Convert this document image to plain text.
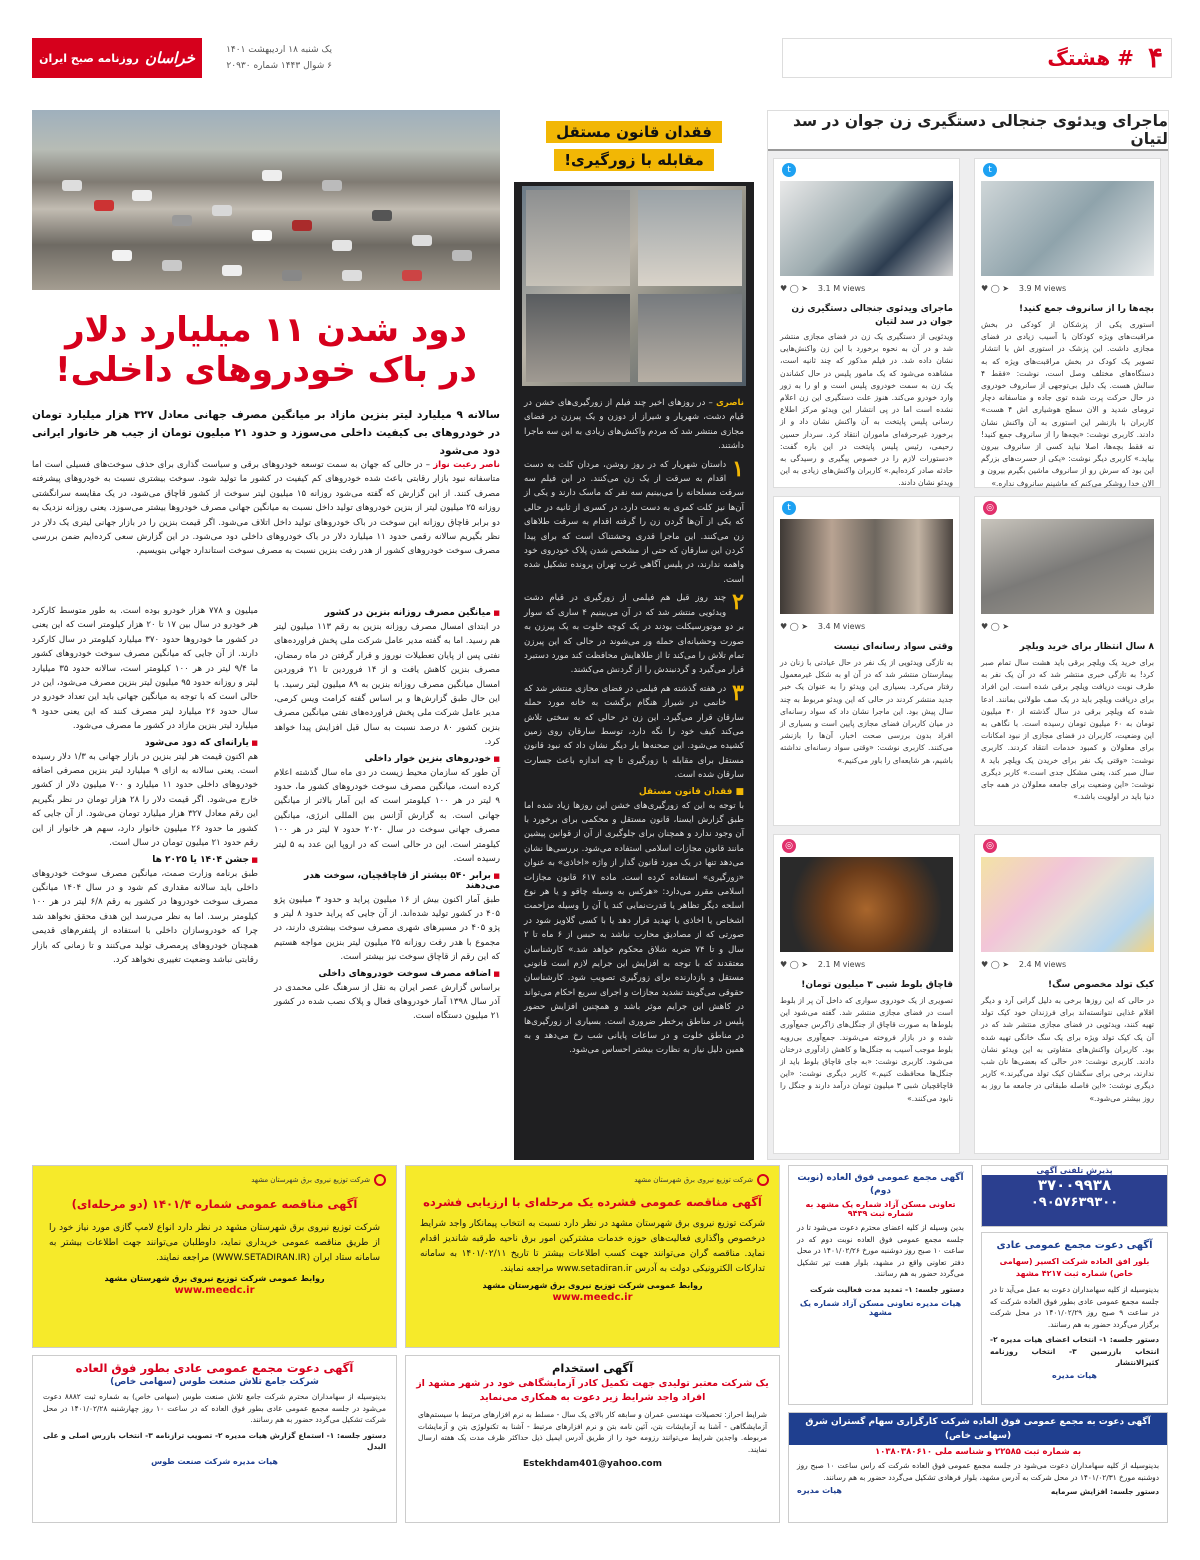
۴
# هشتگ
یک شنبه ۱۸ اردیبهشت ۱۴۰۱
۶ شوال ۱۴۴۳ شماره ۲۰۹۳۰
خراسان
روزنامه صبح ایران
ماجرای ویدئوی جنجالی دستگیری زن جوان در سد لتیان
t
♥ ◯ ➤ 3.9 M views
بچه‌ها را از سانروف جمع کنید!
استوری یکی از پزشکان از کودکی در بخش مراقبت‌های ویژه کودکان با آسیب زیادی در فضای مجازی داشت. این پزشک در استوری اش با انتشار تصویر یک کودک در بخش مراقبت‌های ویژه که به دستگاه‌های مختلف وصل است، نوشت: «فقط ۴ سالش هست. یک دلیل بی‌توجهی از سانروف خودروی در حال حرکت پرت شده توی جاده و متاسفانه دچار ترومای شدید و الان سطح هوشیاری اش ۴ هست» کاربران با بازنشر این استوری به آن واکنش نشان دادند. کاربری نوشت: «بچه‌ها را از سانروف جمع کنید! نه فقط بچه‌ها، اصلا نباید کسی از سانروف بیرون بیاید.» کاربری دیگر نوشت: «یکی از حسرت‌های بزرگم این بود که سرش رو از سانروف ماشین بگیرم بیرون و الان خدا روشکر می‌کنم که ماشینم سانروف نداره.»
t
♥ ◯ ➤ 3.1 M views
ماجرای ویدئوی جنجالی دستگیری زن جوان در سد لتیان
ویدئویی از دستگیری یک زن در فضای مجازی منتشر شد و در آن به نحوه برخورد با این زن واکنش‌هایی نشان داده شد. در فیلم مذکور که چند ثانیه است، مشاهده می‌شود که یک مامور پلیس در حال کشاندن یک زن به سمت خودروی پلیس است و او را به زور وارد خودرو می‌کند. هنوز علت دستگیری این زن اعلام نشده است اما در پی انتشار این ویدئو مرکز اطلاع رسانی پلیس پایتخت به آن واکنش نشان داد و از برخورد غیرحرفه‌ای ماموران انتقاد کرد. سردار حسین رحیمی، رئیس پلیس پایتخت در این باره گفت: «دستورات لازم را در خصوص پیگیری و رسیدگی به حادثه صادر کرده‌ایم.» کاربران واکنش‌های زیادی به این ویدئو نشان دادند.
◎
♥ ◯ ➤
۸ سال انتظار برای خرید ویلچر
برای خرید یک ویلچر برقی باید هشت سال تمام صبر کرد! به تازگی خبری منتشر شد که در آن یک نفر به طرف نوبت دریافت ویلچر برقی شده است. این افراد برای دریافت ویلچر باید در یک صف طولانی بمانند. ادعا شده که ویلچر برقی در سال گذشته از ۴۰ میلیون تومان به ۶۰ میلیون تومان رسیده است. با نگاهی به این وضعیت، کاربران در فضای مجازی از نبود امکانات برای معلولان و کمبود خدمات انتقاد کردند. کاربری نوشت: «وقتی یک نفر برای خریدن یک ویلچر باید ۸ سال صبر کند، یعنی مشکل جدی است.» کاربر دیگری نوشت: «این وضعیت برای جامعه معلولان در همه جای دنیا باید در اولویت باشد.»
t
♥ ◯ ➤ 3.4 M views
وقتی سواد رسانه‌ای نیست
به تازگی ویدئویی از یک نفر در حال عیادتی با زنان در بیمارستان منتشر شد که در آن او به شکل غیرمعمول رفتار می‌کرد. بسیاری این ویدئو را به عنوان یک خبر جدید منتشر کردند در حالی که این ویدئو مربوط به چند سال پیش بود. این ماجرا نشان داد که سواد رسانه‌ای در میان کاربران فضای مجازی پایین است و بسیاری از افراد بدون بررسی صحت اخبار، آن‌ها را بازنشر می‌کنند. کاربری نوشت: «وقتی سواد رسانه‌ای نداشته باشیم، هر شایعه‌ای را باور می‌کنیم.»
◎
♥ ◯ ➤ 2.4 M views
کیک تولد مخصوص سگ!
در حالی که این روزها برخی به دلیل گرانی آرد و دیگر اقلام غذایی نتوانسته‌اند برای فرزندان خود کیک تولد تهیه کنند، ویدئویی در فضای مجازی منتشر شد که در آن یک کیک تولد ویژه برای یک سگ خانگی تهیه شده بود. کاربران واکنش‌های متفاوتی به این ویدئو نشان دادند. کاربری نوشت: «در حالی که بعضی‌ها نان شب ندارند، برخی برای سگشان کیک تولد می‌گیرند.» کاربر دیگری نوشت: «این فاصله طبقاتی در جامعه ما روز به روز بیشتر می‌شود.»
◎
♥ ◯ ➤ 2.1 M views
قاچاق بلوط شبی ۳ میلیون تومان!
تصویری از یک خودروی سواری که داخل آن پر از بلوط است در فضای مجازی منتشر شد. گفته می‌شود این بلوط‌ها به صورت قاچاق از جنگل‌های زاگرس جمع‌آوری شده و در بازار فروخته می‌شوند. جمع‌آوری بی‌رویه بلوط موجب آسیب به جنگل‌ها و کاهش زادآوری درختان می‌شود. کاربری نوشت: «به جای قاچاق بلوط باید از جنگل‌ها محافظت کنیم.» کاربر دیگری نوشت: «این قاچاقچیان شبی ۳ میلیون تومان درآمد دارند و جنگل را نابود می‌کنند.»
فقدان قانون مستقل
مقابله با زورگیری!
ناصری – در روزهای اخیر چند فیلم از زورگیری‌های خشن در قیام دشت، شهریار و شیراز از دوزن و یک پیرزن در فضای مجازی منتشر شد که مردم واکنش‌های زیادی به این سه ماجرا داشتند.
۱
داستان شهریار که در روز روشن، مردان کلت به دست اقدام به سرقت از یک زن می‌کنند. در این فیلم سه سرقت مسلحانه را می‌بینیم سه نفر که ماسک دارند و یکی از آن‌ها نیز کلت کمری به دست دارد، در کسری از ثانیه در حالی که یکی از آن‌ها گردن زن را گرفته اقدام به سرقت طلاهای زن می‌کنند. این ماجرا قدری وحشتناک است که برای پیدا کردن این سارقان که حتی از مشخص شدن پلاک خودروی خود واهمه ندارند، در پلیس آگاهی غرب تهران پرونده تشکیل شده است.
۲
چند روز قبل هم فیلمی از زورگیری در قیام دشت ویدئویی منتشر شد که در آن می‌بینیم ۴ ساری که سوار بر دو موتورسیکلت بودند در یک کوچه خلوت به یک پیرزن به صورت وحشیانه‌ای حمله ور می‌شوند در حالی که این پیرزن تمام تلاش را می‌کند تا از طلاهایش محافظت کند مورد دستبرد قرار می‌گیرد و گردنبندش را از گردنش می‌کشند.
۳
در هفته گذشته هم فیلمی در فضای مجازی منتشر شد که خانمی در شیراز هنگام برگشت به خانه مورد حمله سارقان قرار می‌گیرد. این زن در حالی که به سختی تلاش می‌کند کیف خود را نگه دارد، توسط سارقان روی زمین کشیده می‌شود. این صحنه‌ها بار دیگر نشان داد که نبود قانون مستقل برای مقابله با زورگیری تا چه اندازه باعث جسارت سارقان شده است.
■ فقدان قانون مستقل
با توجه به این که زورگیری‌های خشن این روزها زیاد شده اما طبق گزارش ایسنا، قانون مستقل و محکمی برای برخورد با آن وجود ندارد و همچنان برای جلوگیری از آن از قوانین پیشین مانند قانون مجازات اسلامی استفاده می‌شود. بررسی‌ها نشان می‌دهد تنها در یک مورد قانون گذار از واژه «اخاذی» به عنوان «زورگیری» استفاده کرده است. ماده ۶۱۷ قانون مجازات اسلامی مقرر می‌دارد: «هرکس به وسیله چاقو و یا هر نوع اسلحه دیگر تظاهر یا قدرت‌نمایی کند یا آن را وسیله مزاحمت اشخاص یا اخاذی یا تهدید قرار دهد یا با کسی گلاویز شود در صورتی که از مصادیق محارب نباشد به حبس از ۶ ماه تا ۲ سال و تا ۷۴ ضربه شلاق محکوم خواهد شد.» کارشناسان معتقدند که با توجه به افزایش این جرایم لازم است قانونی مستقل و بازدارنده برای زورگیری تصویب شود. کارشناسان حقوقی می‌گویند تشدید مجازات و اجرای سریع احکام می‌تواند در کاهش این جرایم موثر باشد و همچنین افزایش حضور پلیس در مناطق پرخطر ضروری است. بسیاری از زورگیری‌ها در مناطق خلوت و در ساعات پایانی شب رخ می‌دهد و به همین دلیل نیاز به نظارت بیشتر احساس می‌شود.
دود شدن ۱۱ میلیارد دلار
در باک خودروهای داخلی!
سالانه ۹ میلیارد لیتر بنزین مازاد بر میانگین مصرف جهانی معادل ۳۲۷ هزار میلیارد تومان در خودروهای بی کیفیت داخلی می‌سوزد و حدود ۲۱ میلیون تومان از جیب هر خانوار ایرانی دود می‌شود
ناصر رعیت نواز – در حالی که جهان به سمت توسعه خودروهای برقی و سیاست گذاری برای حذف سوخت‌های فسیلی است اما متاسفانه نبود بازار رقابتی باعث شده خودروهای کم کیفیت در کشور ما تولید شود. سوخت بیشتری نسبت به خودروهای پیشرفته مصرف کنند. از این گزارش که گفته می‌شود روزانه ۱۵ میلیون لیتر سوخت از کشور قاچاق می‌شود، در یک مقایسه سرانگشتی روزانه ۲۵ میلیون لیتر از بنزین خودروهای تولید داخل نسبت به میانگین جهانی مصرف خودروها بیشتر می‌سوزد. یعنی روزانه نزدیک به دو برابر قاچاق روزانه این سوخت در باک خودروهای تولید داخل اتلاف می‌شود. اگر قیمت بنزین را در بازار جهانی لیتری یک دلار در نظر بگیریم سالانه رقمی حدود ۱۱ میلیارد دلار در باک خودروهای داخلی دود می‌شود. در این گزارش سعی کرده‌ایم ضمن بررسی مصرف سوخت خودروهای کشور از هدر رفت بنزین نسبت به مصرف سوخت استاندارد جهانی بنویسیم.
■ میانگین مصرف روزانه بنزین در کشور
در ابتدای امسال مصرف روزانه بنزین به رقم ۱۱۳ میلیون لیتر هم رسید. اما به گفته مدیر عامل شرکت ملی پخش فراورده‌های نفتی پس از پایان تعطیلات نوروز و قرار گرفتن در ماه رمضان، مصرف بنزین کاهش یافت و از ۱۴ فروردین تا ۲۱ فروردین امسال میانگین مصرف روزانه بنزین به ۸۹ میلیون لیتر رسید. با این حال طبق گزارش‌ها و بر اساس گفته کرامت ویس کرمی، مدیر عامل شرکت ملی پخش فراورده‌های نفتی میانگین مصرف بنزین کشور ۸۰ درصد نسبت به سال قبل افزایش پیدا خواهد کرد.
■ خودروهای بنزین خوار داخلی
آن طور که سازمان محیط زیست در دی ماه سال گذشته اعلام کرده است، میانگین مصرف سوخت خودروهای کشور ما، حدود ۹ لیتر در هر ۱۰۰ کیلومتر است که این آمار بالاتر از میانگین جهانی است. به گزارش آژانس بین المللی انرژی، میانگین مصرف جهانی سوخت در سال ۲۰۲۰ حدود ۷ لیتر در هر ۱۰۰ کیلومتر است. این در حالی است که در اروپا این عدد به ۵ لیتر رسیده است.
■ برابر ۵۴۰ بیشتر از قاچاقچیان، سوخت هدر می‌دهند
طبق آمار اکنون بیش از ۱۶ میلیون پراید و حدود ۳ میلیون پژو ۴۰۵ در کشور تولید شده‌اند. از آن جایی که پراید حدود ۸ لیتر و پژو ۴۰۵ در مسیرهای شهری مصرف سوخت بیشتری دارند، در مجموع با هدر رفت روزانه ۲۵ میلیون لیتر بنزین مواجه هستیم که این رقم از قاچاق سوخت نیز بیشتر است.
■ اضافه مصرف سوخت خودروهای داخلی
براساس گزارش عصر ایران به نقل از سرهنگ علی محمدی در آذر سال ۱۳۹۸ آمار خودروهای فعال و پلاک نصب شده در کشور ۲۱ میلیون دستگاه است.
میلیون و ۷۷۸ هزار خودرو بوده است. به طور متوسط کارکرد هر خودرو در سال بین ۱۷ تا ۲۰ هزار کیلومتر است که این یعنی در کشور ما خودروها حدود ۳۷۰ میلیارد کیلومتر در سال کارکرد دارند. از آن جایی که میانگین مصرف سوخت خودروهای کشور ما ۹/۴ لیتر در هر ۱۰۰ کیلومتر است، سالانه حدود ۳۵ میلیارد لیتر و روزانه حدود ۹۵ میلیون لیتر بنزین مصرف می‌شود، این در حالی است که با توجه به میانگین جهانی باید این تعداد خودرو در سال حدود ۲۶ میلیارد لیتر مصرف کنند که این یعنی حدود ۹ میلیارد لیتر بنزین مازاد در کشور ما مصرف می‌شود.
■ یارانه‌ای که دود می‌شود
هم اکنون قیمت هر لیتر بنزین در بازار جهانی به ۱/۳ دلار رسیده است. یعنی سالانه به ازای ۹ میلیارد لیتر بنزین مصرفی اضافه خودروهای داخلی حدود ۱۱ میلیارد و ۷۰۰ میلیون دلار از کشور خارج می‌شود. اگر قیمت دلار را ۲۸ هزار تومان در نظر بگیریم این رقم معادل ۳۲۷ هزار میلیارد تومان می‌شود. از آن جایی که کشور ما حدود ۲۶ میلیون خانوار دارد، سهم هر خانوار از این رقم حدود ۲۱ میلیون تومان در سال است.
■ جشن ۱۴۰۴ یا ۲۰۲۵ ها
طبق برنامه وزارت صمت، میانگین مصرف سوخت خودروهای داخلی باید سالانه مقداری کم شود و در سال ۱۴۰۴ میانگین مصرف سوخت خودروها در کشور به رقم ۶/۸ لیتر در هر ۱۰۰ کیلومتر برسد. اما به نظر می‌رسد این هدف محقق نخواهد شد چرا که خودروسازان داخلی با استفاده از پلتفرم‌های قدیمی همچنان خودروهای پرمصرف تولید می‌کنند و تا زمانی که بازار رقابتی نباشد وضعیت تغییری نخواهد کرد.
شرکت توزیع نیروی برق شهرستان مشهد
آگهی مناقصه عمومی شماره ۱۴۰۱/۴ (دو مرحله‌ای)

شرکت توزیع نیروی برق شهرستان مشهد در نظر دارد انواع لامپ گازی مورد نیاز خود را از طریق مناقصه عمومی خریداری نماید، داوطلبان می‌توانند جهت اطلاعات بیشتر به سامانه ستاد ایران (WWW.SETADIRAN.IR) مراجعه نمایند.

روابط عمومی شرکت توزیع نیروی برق شهرستان مشهد
www.meedc.ir
شرکت توزیع نیروی برق شهرستان مشهد
آگهی مناقصه عمومی فشرده یک مرحله‌ای با ارزیابی فشرده

شرکت توزیع نیروی برق شهرستان مشهد در نظر دارد نسبت به انتخاب پیمانکار واجد شرایط درخصوص واگذاری فعالیت‌های حوزه خدمات مشترکین امور برق ناحیه طرقبه شاندیز اقدام نماید. مناقصه گران می‌توانند جهت کسب اطلاعات بیشتر تا تاریخ ۱۴۰۱/۰۲/۱۱ به سامانه تدارکات الکترونیکی دولت به آدرس www.setadiran.ir مراجعه نمایند.

روابط عمومی شرکت توزیع نیروی برق شهرستان مشهد
www.meedc.ir
آگهی مجمع عمومی فوق العاده (نوبت دوم)
تعاونی مسکن آزاد شماره یک مشهد به شماره ثبت ۹۴۳۹
بدین وسیله از کلیه اعضای محترم دعوت می‌شود تا در جلسه مجمع عمومی فوق العاده نوبت دوم که در ساعت ۱۰ صبح روز دوشنبه مورخ ۱۴۰۱/۰۲/۲۶ در محل دفتر تعاونی واقع در مشهد، بلوار هفت تیر تشکیل می‌گردد حضور به هم رسانند.
دستور جلسه: ۱- تمدید مدت فعالیت شرکت
هیات مدیره تعاونی مسکن آزاد شماره یک مشهد
پذیرش تلفنی آگهی
۳۷۰۰۹۹۳۸
۰۹۰۵۷۶۳۹۳۰۰
آگهی دعوت مجمع عمومی عادی
بلور افق العاده شرکت اکسیر (سهامی خاص) شماره ثبت ۴۲۱۷ مشهد
بدینوسیله از کلیه سهامداران دعوت به عمل می‌آید تا در جلسه مجمع عمومی عادی بطور فوق العاده شرکت که در ساعت ۹ صبح روز ۱۴۰۱/۰۲/۲۹ در محل شرکت برگزار می‌گردد حضور به هم رسانند.
دستور جلسه: ۱- انتخاب اعضای هیات مدیره ۲- انتخاب بازرسین ۳- انتخاب روزنامه کثیرالانتشار
هیات مدیره
آگهی دعوت مجمع عمومی عادی بطور فوق العاده
شرکت جامع تلاش صنعت طوس (سهامی خاص)
بدینوسیله از سهامداران محترم شرکت جامع تلاش صنعت طوس (سهامی خاص) به شماره ثبت ۸۸۸۲ دعوت می‌شود در جلسه مجمع عمومی عادی بطور فوق العاده که در ساعت ۱۰ روز چهارشنبه ۱۴۰۱/۰۲/۲۸ در محل شرکت تشکیل می‌گردد حضور به هم رسانند.
دستور جلسه: ۱- استماع گزارش هیات مدیره ۲- تصویب ترازنامه ۳- انتخاب بازرس اصلی و علی البدل
هیات مدیره شرکت صنعت طوس
آگهی استخدام
یک شرکت معتبر تولیدی جهت تکمیل کادر آزمایشگاهی خود در شهر مشهد از افراد واجد شرایط زیر دعوت به همکاری می‌نماید
شرایط احراز: تحصیلات مهندسی عمران و سابقه کار بالای یک سال - مسلط به نرم افزارهای مرتبط با سیستم‌های آزمایشگاهی - آشنا به آزمایشات بتن، آئین نامه بتن و نرم افزارهای مرتبط - آشنا به تکنولوژی بتن و آزمایشات مربوطه. واجدین شرایط می‌توانند رزومه خود را از طریق آدرس ایمیل ذیل حداکثر ظرف مدت یک هفته ارسال نمایند.
Estekhdam401@yahoo.com
آگهی دعوت به مجمع عمومی فوق العاده شرکت کارگزاری سهام گستران شرق (سهامی خاص)
به شماره ثبت ۲۲۵۸۵ و شناسه ملی ۱۰۳۸۰۳۸۰۶۱۰
بدینوسیله از کلیه سهامداران دعوت می‌شود در جلسه مجمع عمومی فوق العاده شرکت که راس ساعت ۱۰ صبح روز دوشنبه مورخ ۱۴۰۱/۰۲/۳۱ در محل شرکت به آدرس مشهد، بلوار فرهادی تشکیل می‌گردد حضور به هم رسانند.
دستور جلسه: افزایش سرمایه
هیات مدیره
